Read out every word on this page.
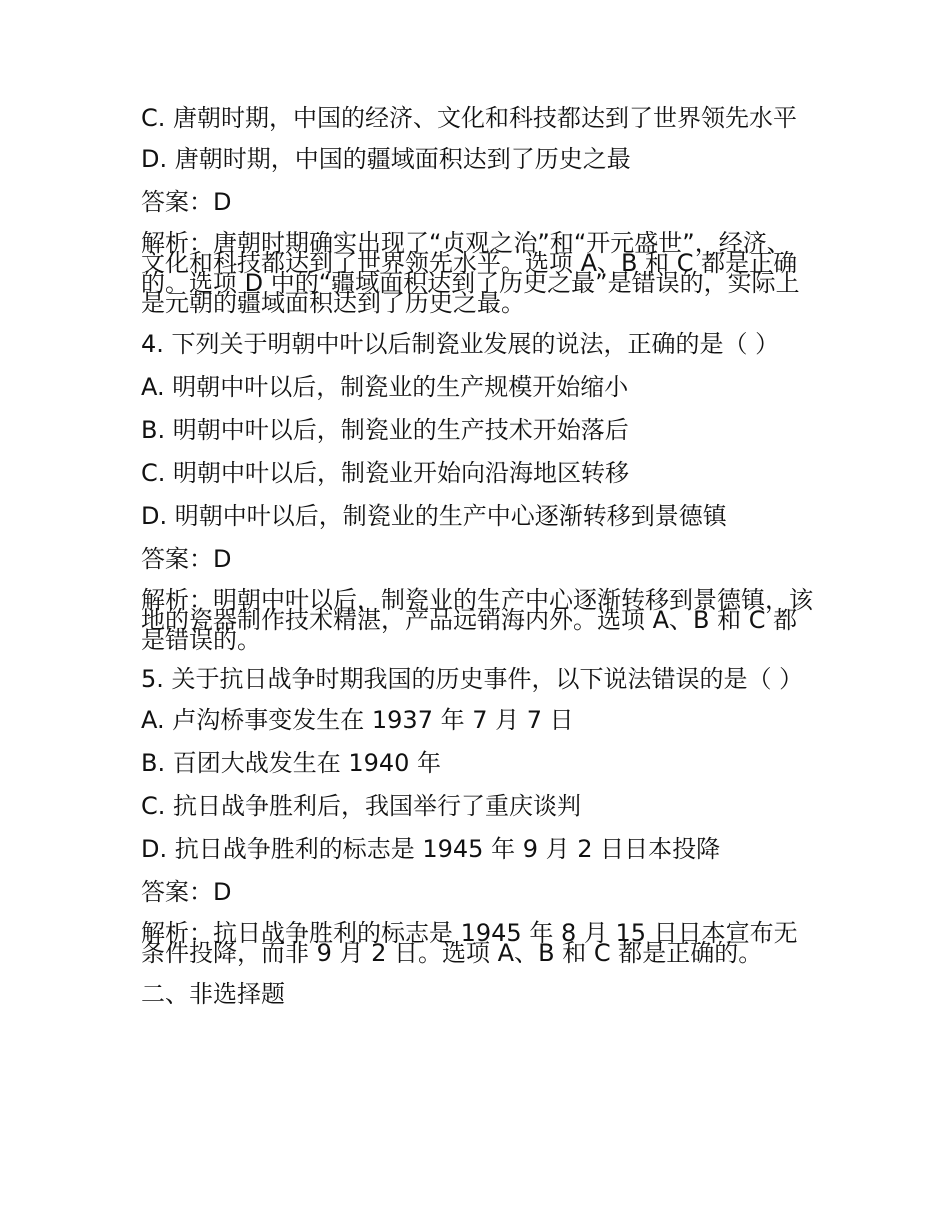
C. 唐朝时期，中国的经济、文化和科技都达到了世界领先水平

D. 唐朝时期，中国的疆域面积达到了历史之最

答案：D

解析：唐朝时期确实出现了“贞观之治”和“开元盛世”，经济、文化和科技都达到了世界领先水平。选项 A、B 和 C 都是正确的。选项 D 中的“疆域面积达到了历史之最”是错误的，实际上是元朝的疆域面积达到了历史之最。

4. 下列关于明朝中叶以后制瓷业发展的说法，正确的是（ ）

A. 明朝中叶以后，制瓷业的生产规模开始缩小

B. 明朝中叶以后，制瓷业的生产技术开始落后

C. 明朝中叶以后，制瓷业开始向沿海地区转移

D. 明朝中叶以后，制瓷业的生产中心逐渐转移到景德镇

答案：D

解析：明朝中叶以后，制瓷业的生产中心逐渐转移到景德镇，该地的瓷器制作技术精湛，产品远销海内外。选项 A、B 和 C 都是错误的。

5. 关于抗日战争时期我国的历史事件，以下说法错误的是（ ）

A. 卢沟桥事变发生在 1937 年 7 月 7 日

B. 百团大战发生在 1940 年

C. 抗日战争胜利后，我国举行了重庆谈判

D. 抗日战争胜利的标志是 1945 年 9 月 2 日日本投降

答案：D

解析：抗日战争胜利的标志是 1945 年 8 月 15 日日本宣布无条件投降，而非 9 月 2 日。选项 A、B 和 C 都是正确的。

二、非选择题
